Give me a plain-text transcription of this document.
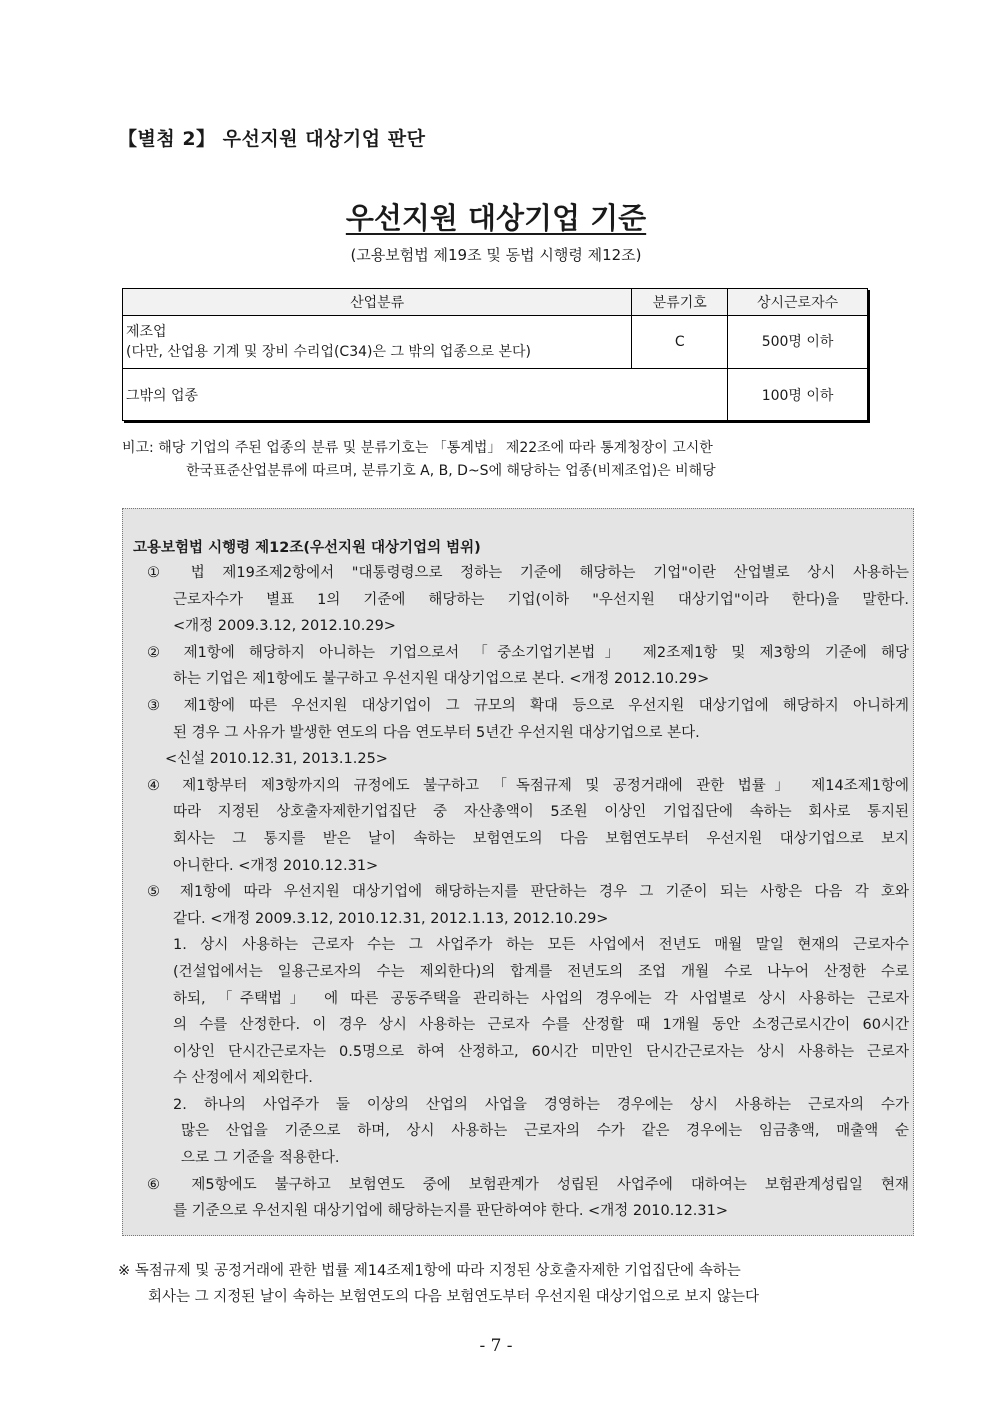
【별첨 2】 우선지원 대상기업 판단
우선지원 대상기업 기준
(고용보험법 제19조 및 동법 시행령 제12조)
산업분류	분류기호	상시근로자수

제조업
(다만, 산업용 기계 및 장비 수리업(C34)은 그 밖의 업종으로 본다)	C	500명 이하
그밖의 업종		100명 이하
비고: 해당 기업의 주된 업종의 분류 및 분류기호는 「통계법」 제22조에 따라 통계청장이 고시한
한국표준산업분류에 따르며, 분류기호 A, B, D~S에 해당하는 업종(비제조업)은 비해당
고용보험법 시행령 제12조(우선지원 대상기업의 범위)
① 법 제19조제2항에서 "대통령령으로 정하는 기준에 해당하는 기업"이란 산업별로 상시 사용하는
근로자수가 별표 1의 기준에 해당하는 기업(이하 "우선지원 대상기업"이라 한다)을 말한다.
<개정 2009.3.12, 2012.10.29>
② 제1항에 해당하지 아니하는 기업으로서 「중소기업기본법」 제2조제1항 및 제3항의 기준에 해당
하는 기업은 제1항에도 불구하고 우선지원 대상기업으로 본다. <개정 2012.10.29>
③ 제1항에 따른 우선지원 대상기업이 그 규모의 확대 등으로 우선지원 대상기업에 해당하지 아니하게
된 경우 그 사유가 발생한 연도의 다음 연도부터 5년간 우선지원 대상기업으로 본다.
<신설 2010.12.31, 2013.1.25>
④ 제1항부터 제3항까지의 규정에도 불구하고 「독점규제 및 공정거래에 관한 법률」 제14조제1항에
따라 지정된 상호출자제한기업집단 중 자산총액이 5조원 이상인 기업집단에 속하는 회사로 통지된
회사는 그 통지를 받은 날이 속하는 보험연도의 다음 보험연도부터 우선지원 대상기업으로 보지
아니한다. <개정 2010.12.31>
⑤ 제1항에 따라 우선지원 대상기업에 해당하는지를 판단하는 경우 그 기준이 되는 사항은 다음 각 호와
같다. <개정 2009.3.12, 2010.12.31, 2012.1.13, 2012.10.29>
1. 상시 사용하는 근로자 수는 그 사업주가 하는 모든 사업에서 전년도 매월 말일 현재의 근로자수
(건설업에서는 일용근로자의 수는 제외한다)의 합계를 전년도의 조업 개월 수로 나누어 산정한 수로
하되, 「주택법」 에 따른 공동주택을 관리하는 사업의 경우에는 각 사업별로 상시 사용하는 근로자
의 수를 산정한다. 이 경우 상시 사용하는 근로자 수를 산정할 때 1개월 동안 소정근로시간이 60시간
이상인 단시간근로자는 0.5명으로 하여 산정하고, 60시간 미만인 단시간근로자는 상시 사용하는 근로자
수 산정에서 제외한다.
2. 하나의 사업주가 둘 이상의 산업의 사업을 경영하는 경우에는 상시 사용하는 근로자의 수가
많은 산업을 기준으로 하며, 상시 사용하는 근로자의 수가 같은 경우에는 임금총액, 매출액 순
으로 그 기준을 적용한다.
⑥ 제5항에도 불구하고 보험연도 중에 보험관계가 성립된 사업주에 대하여는 보험관계성립일 현재
를 기준으로 우선지원 대상기업에 해당하는지를 판단하여야 한다. <개정 2010.12.31>
※ 독점규제 및 공정거래에 관한 법률 제14조제1항에 따라 지정된 상호출자제한 기업집단에 속하는
회사는 그 지정된 날이 속하는 보험연도의 다음 보험연도부터 우선지원 대상기업으로 보지 않는다
- 7 -
